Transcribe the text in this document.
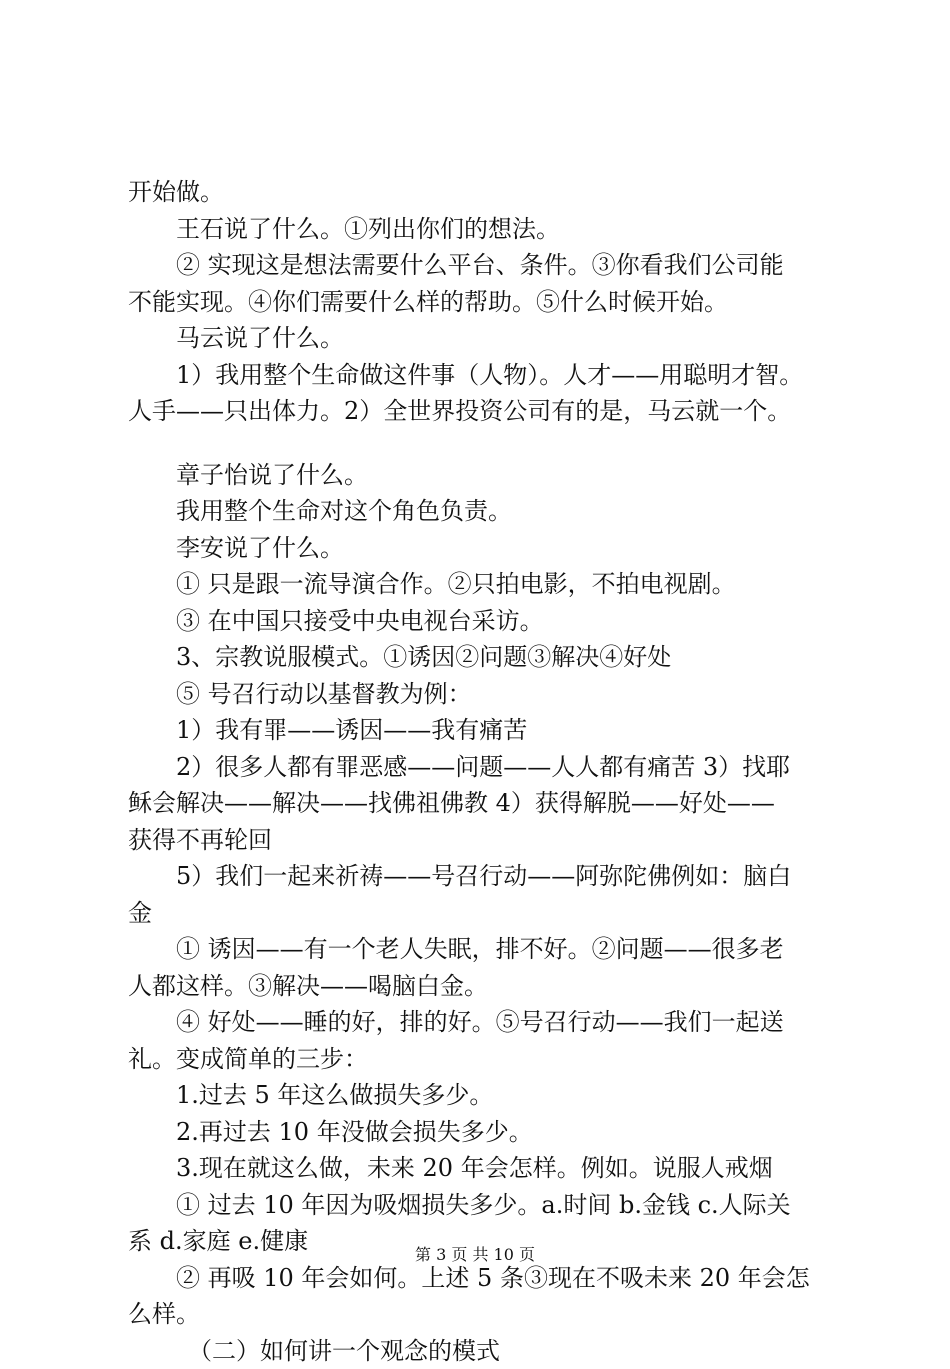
开始做。
王石说了什么。①列出你们的想法。
② 实现这是想法需要什么平台、条件。③你看我们公司能
不能实现。④你们需要什么样的帮助。⑤什么时候开始。
马云说了什么。
1）我用整个生命做这件事（人物）。人才——用聪明才智。
人手——只出体力。2）全世界投资公司有的是，马云就一个。
章子怡说了什么。
我用整个生命对这个角色负责。
李安说了什么。
① 只是跟一流导演合作。②只拍电影，不拍电视剧。
③ 在中国只接受中央电视台采访。
3、宗教说服模式。①诱因②问题③解决④好处
⑤ 号召行动以基督教为例：
1）我有罪——诱因——我有痛苦
2）很多人都有罪恶感——问题——人人都有痛苦 3）找耶
稣会解决——解决——找佛祖佛教 4）获得解脱——好处——
获得不再轮回
5）我们一起来祈祷——号召行动——阿弥陀佛例如：脑白
金
① 诱因——有一个老人失眠，排不好。②问题——很多老
人都这样。③解决——喝脑白金。
④ 好处——睡的好，排的好。⑤号召行动——我们一起送
礼。变成简单的三步：
1.过去 5 年这么做损失多少。
2.再过去 10 年没做会损失多少。
3.现在就这么做，未来 20 年会怎样。例如。说服人戒烟
① 过去 10 年因为吸烟损失多少。a.时间 b.金钱 c.人际关
系 d.家庭 e.健康
② 再吸 10 年会如何。上述 5 条③现在不吸未来 20 年会怎
么样。
（二）如何讲一个观念的模式
第 3 页 共 10 页
